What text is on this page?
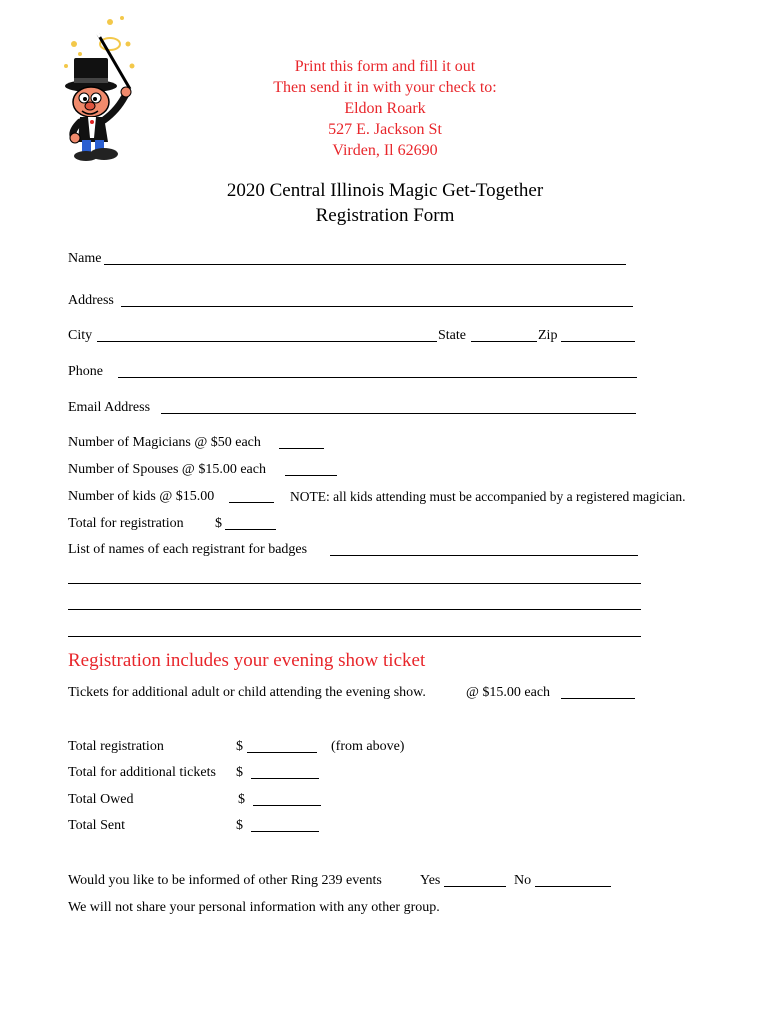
Print this form and fill it out
Then send it in with your check to:
Eldon Roark
527 E. Jackson St
Virden, Il 62690
2020 Central Illinois Magic Get-Together
Registration Form
Name
Address
City	State	Zip
Phone
Email Address
Number of Magicians @ $50 each
Number of Spouses @ $15.00 each
Number of kids @ $15.00	NOTE: all kids attending must be accompanied by a registered magician.
Total for registration $
List of names of each registrant for badges
Registration includes your evening show ticket
Tickets for additional adult or child attending the evening show.	@ $15.00 each
Total registration	$	(from above)
Total for additional tickets $
Total Owed	$
Total Sent	$
Would you like to be informed of other Ring 239 events	Yes	No
We will not share your personal information with any other group.
